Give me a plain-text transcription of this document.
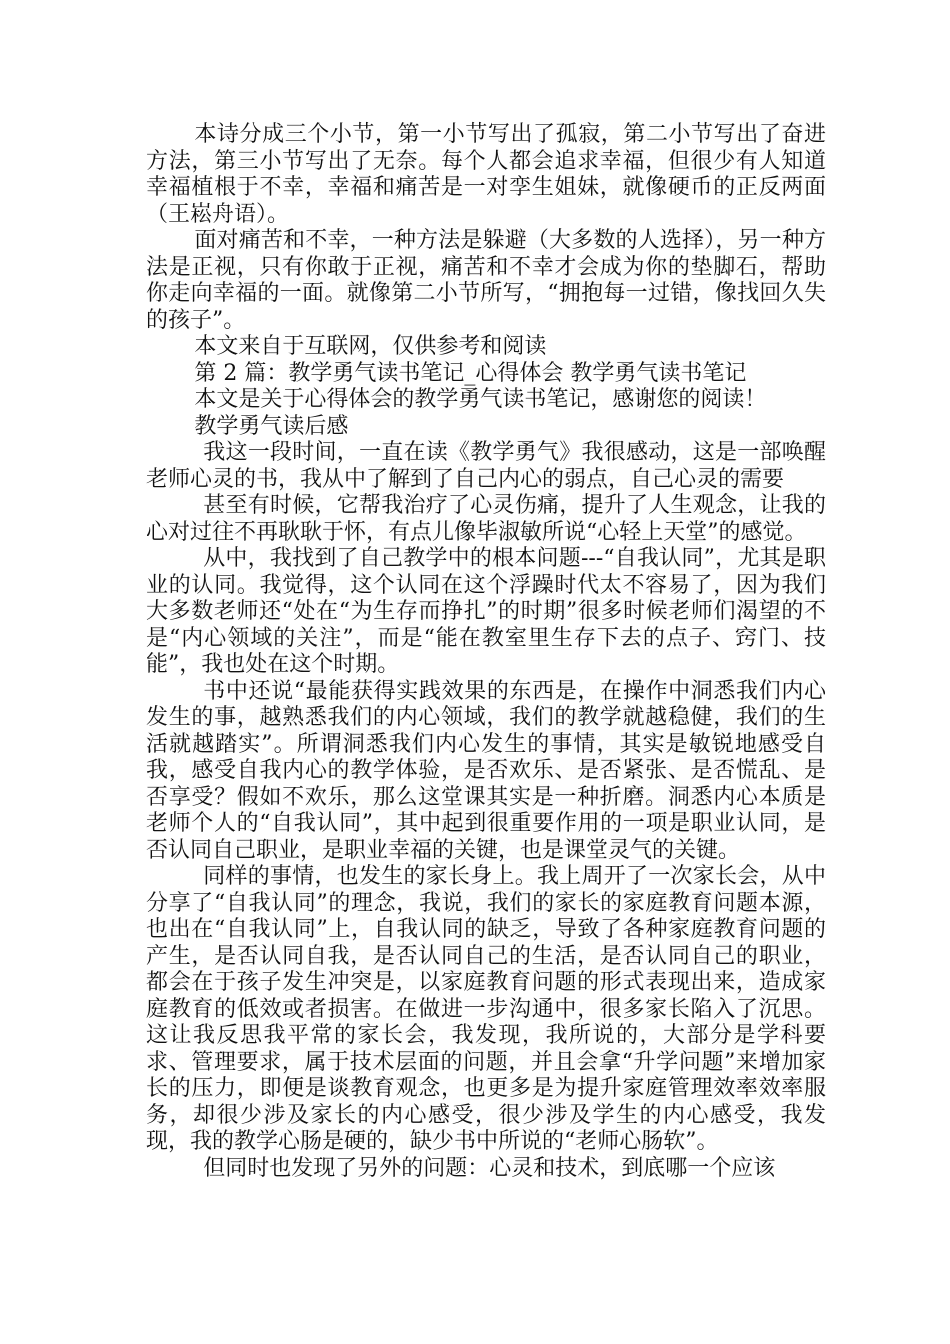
本诗分成三个小节，第一小节写出了孤寂，第二小节写出了奋进方法，第三小节写出了无奈。每个人都会追求幸福，但很少有人知道幸福植根于不幸，幸福和痛苦是一对孪生姐妹，就像硬币的正反两面（王崧舟语）。

面对痛苦和不幸，一种方法是躲避（大多数的人选择），另一种方法是正视，只有你敢于正视，痛苦和不幸才会成为你的垫脚石，帮助你走向幸福的一面。就像第二小节所写，“拥抱每一过错，像找回久失的孩子”。

本文来自于互联网，仅供参考和阅读

第 2 篇：教学勇气读书笔记_心得体会 教学勇气读书笔记

本文是关于心得体会的教学勇气读书笔记，感谢您的阅读！

教学勇气读后感

我这一段时间，一直在读《教学勇气》我很感动，这是一部唤醒老师心灵的书，我从中了解到了自己内心的弱点，自己心灵的需要

甚至有时候，它帮我治疗了心灵伤痛，提升了人生观念，让我的心对过往不再耿耿于怀，有点儿像毕淑敏所说“心轻上天堂”的感觉。

从中，我找到了自己教学中的根本问题---“自我认同”，尤其是职业的认同。我觉得，这个认同在这个浮躁时代太不容易了，因为我们大多数老师还“处在“为生存而挣扎”的时期”很多时候老师们渴望的不是“内心领域的关注”，而是“能在教室里生存下去的点子、窍门、技能”，我也处在这个时期。

书中还说“最能获得实践效果的东西是，在操作中洞悉我们内心发生的事，越熟悉我们的内心领域，我们的教学就越稳健，我们的生活就越踏实”。所谓洞悉我们内心发生的事情，其实是敏锐地感受自我，感受自我内心的教学体验，是否欢乐、是否紧张、是否慌乱、是否享受？假如不欢乐，那么这堂课其实是一种折磨。洞悉内心本质是老师个人的“自我认同”，其中起到很重要作用的一项是职业认同，是否认同自己职业，是职业幸福的关键，也是课堂灵气的关键。

同样的事情，也发生的家长身上。我上周开了一次家长会，从中分享了“自我认同”的理念，我说，我们的家长的家庭教育问题本源，也出在“自我认同”上，自我认同的缺乏，导致了各种家庭教育问题的产生，是否认同自我，是否认同自己的生活，是否认同自己的职业，都会在于孩子发生冲突是，以家庭教育问题的形式表现出来，造成家庭教育的低效或者损害。在做进一步沟通中，很多家长陷入了沉思。这让我反思我平常的家长会，我发现，我所说的，大部分是学科要求、管理要求，属于技术层面的问题，并且会拿“升学问题”来增加家长的压力，即便是谈教育观念，也更多是为提升家庭管理效率效率服务，却很少涉及家长的内心感受，很少涉及学生的内心感受，我发现，我的教学心肠是硬的，缺少书中所说的“老师心肠软”。

但同时也发现了另外的问题：心灵和技术，到底哪一个应该
